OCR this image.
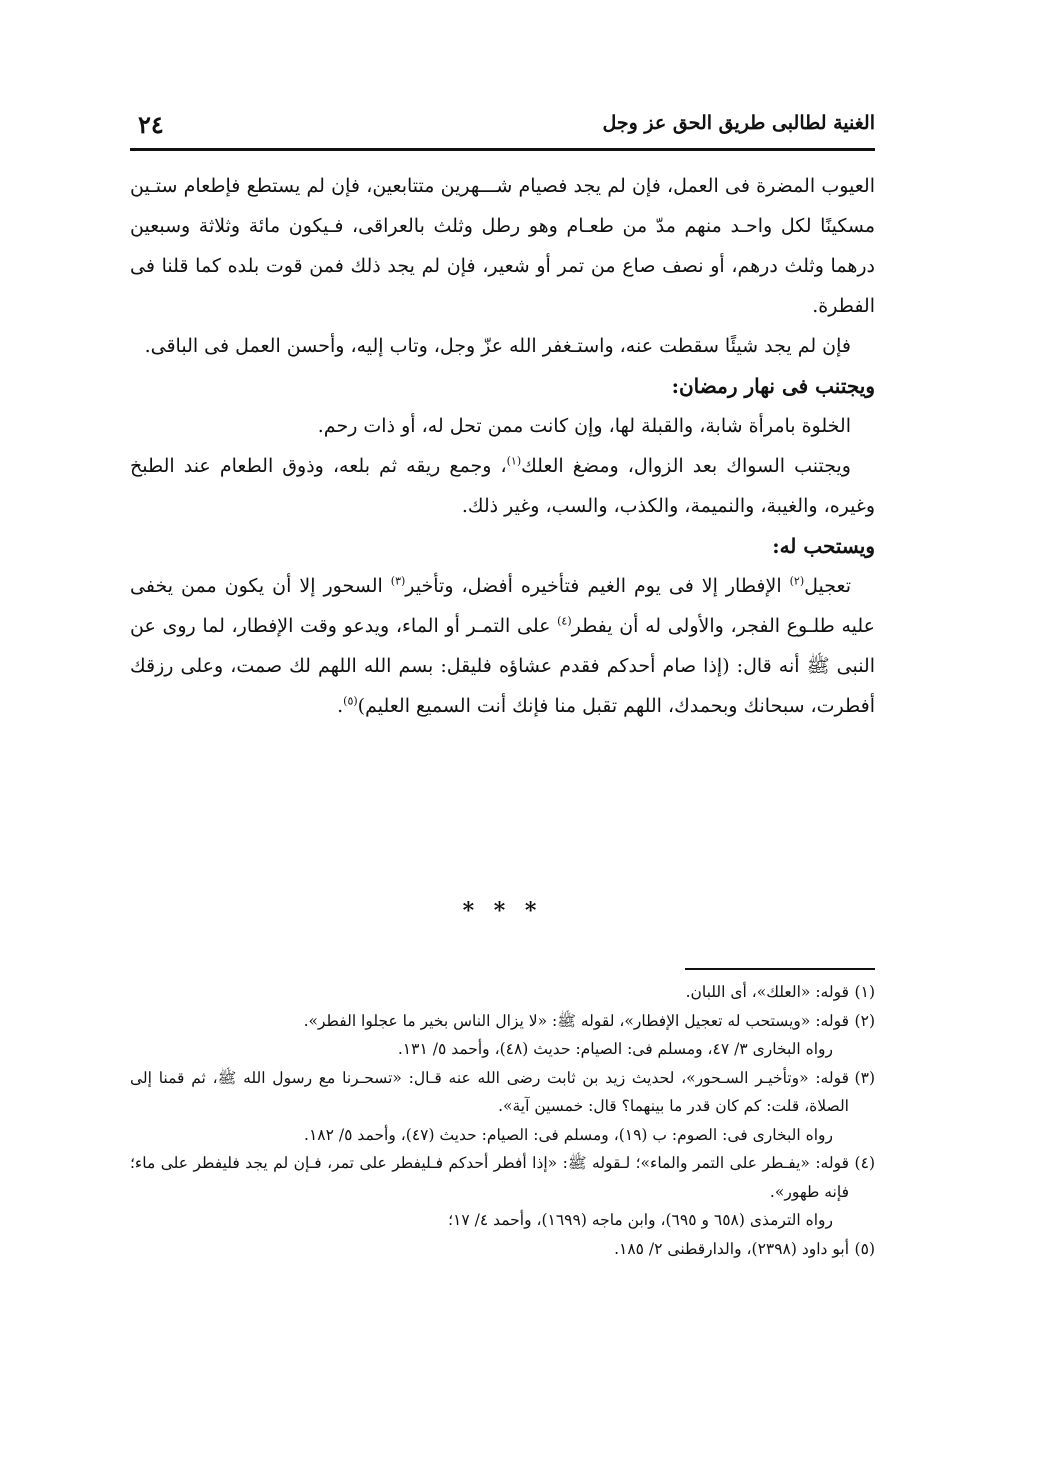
الغنية لطالبى طريق الحق عز وجل
٢٤

العيوب المضرة فى العمل، فإن لم يجد فصيام شـــهرين متتابعين، فإن لم يستطع فإطعام ستـين مسكينًا لكل واحـد منهم مدّ من طعـام وهو رطل وثلث بالعراقى، فـيكون مائة وثلاثة وسبعين درهما وثلث درهم، أو نصف صاع من تمر أو شعير، فإن لم يجد ذلك فمن قوت بلده كما قلنا فى الفطرة.

فإن لم يجد شيئًا سقطت عنه، واستـغفر الله عزّ وجل، وتاب إليه، وأحسن العمل فى الباقى.

ويجتنب فى نهار رمضان:

الخلوة بامرأة شابة، والقبلة لها، وإن كانت ممن تحل له، أو ذات رحم.

ويجتنب السواك بعد الزوال، ومضغ العلك$^{(١)}$، وجمع ريقه ثم بلعه، وذوق الطعام عند الطبخ وغيره، والغيبة، والنميمة، والكذب، والسب، وغير ذلك.

ويستحب له:

تعجيل$^{(٢)}$ الإفطار إلا فى يوم الغيم فتأخيره أفضل، وتأخير$^{(٣)}$ السحور إلا أن يكون ممن يخفى عليه طلـوع الفجر، والأولى له أن يفطر$^{(٤)}$ على التمـر أو الماء، ويدعو وقت الإفطار، لما روى عن النبى ﷺ أنه قال: (إذا صام أحدكم فقدم عشاؤه فليقل: بسم الله اللهم لك صمت، وعلى رزقك أفطرت، سبحانك وبحمدك، اللهم تقبل منا فإنك أنت السميع العليم)$^{(٥)}$.

* * *

(١)قوله: «العلك»، أى اللبان.

(٢)قوله: «ويستحب له تعجيل الإفطار»، لقوله ﷺ: «لا يزال الناس بخير ما عجلوا الفطر».

رواه البخارى ٣/ ٤٧، ومسلم فى: الصيام: حديث (٤٨)، وأحمد ٥/ ١٣١.

(٣)قوله: «وتأخيـر السـحور»، لحديث زيد بن ثابت رضى الله عنه قـال: «تسحـرنا مع رسول الله ﷺ، ثم قمنا إلى الصلاة، قلت: كم كان قدر ما بينهما؟ قال: خمسين آية».

رواه البخارى فى: الصوم: ب (١٩)، ومسلم فى: الصيام: حديث (٤٧)، وأحمد ٥/ ١٨٢.

(٤)قوله: «يفـطر على التمر والماء»؛ لـقوله ﷺ: «إذا أفطر أحدكم فـليفطر على تمر، فـإن لم يجد فليفطر على ماء؛ فإنه طهور».

رواه الترمذى (٦٥٨ و ٦٩٥)، وابن ماجه (١٦٩٩)، وأحمد ٤/ ١٧؛

(٥)أبو داود (٢٣٩٨)، والدارقطنى ٢/ ١٨٥.
